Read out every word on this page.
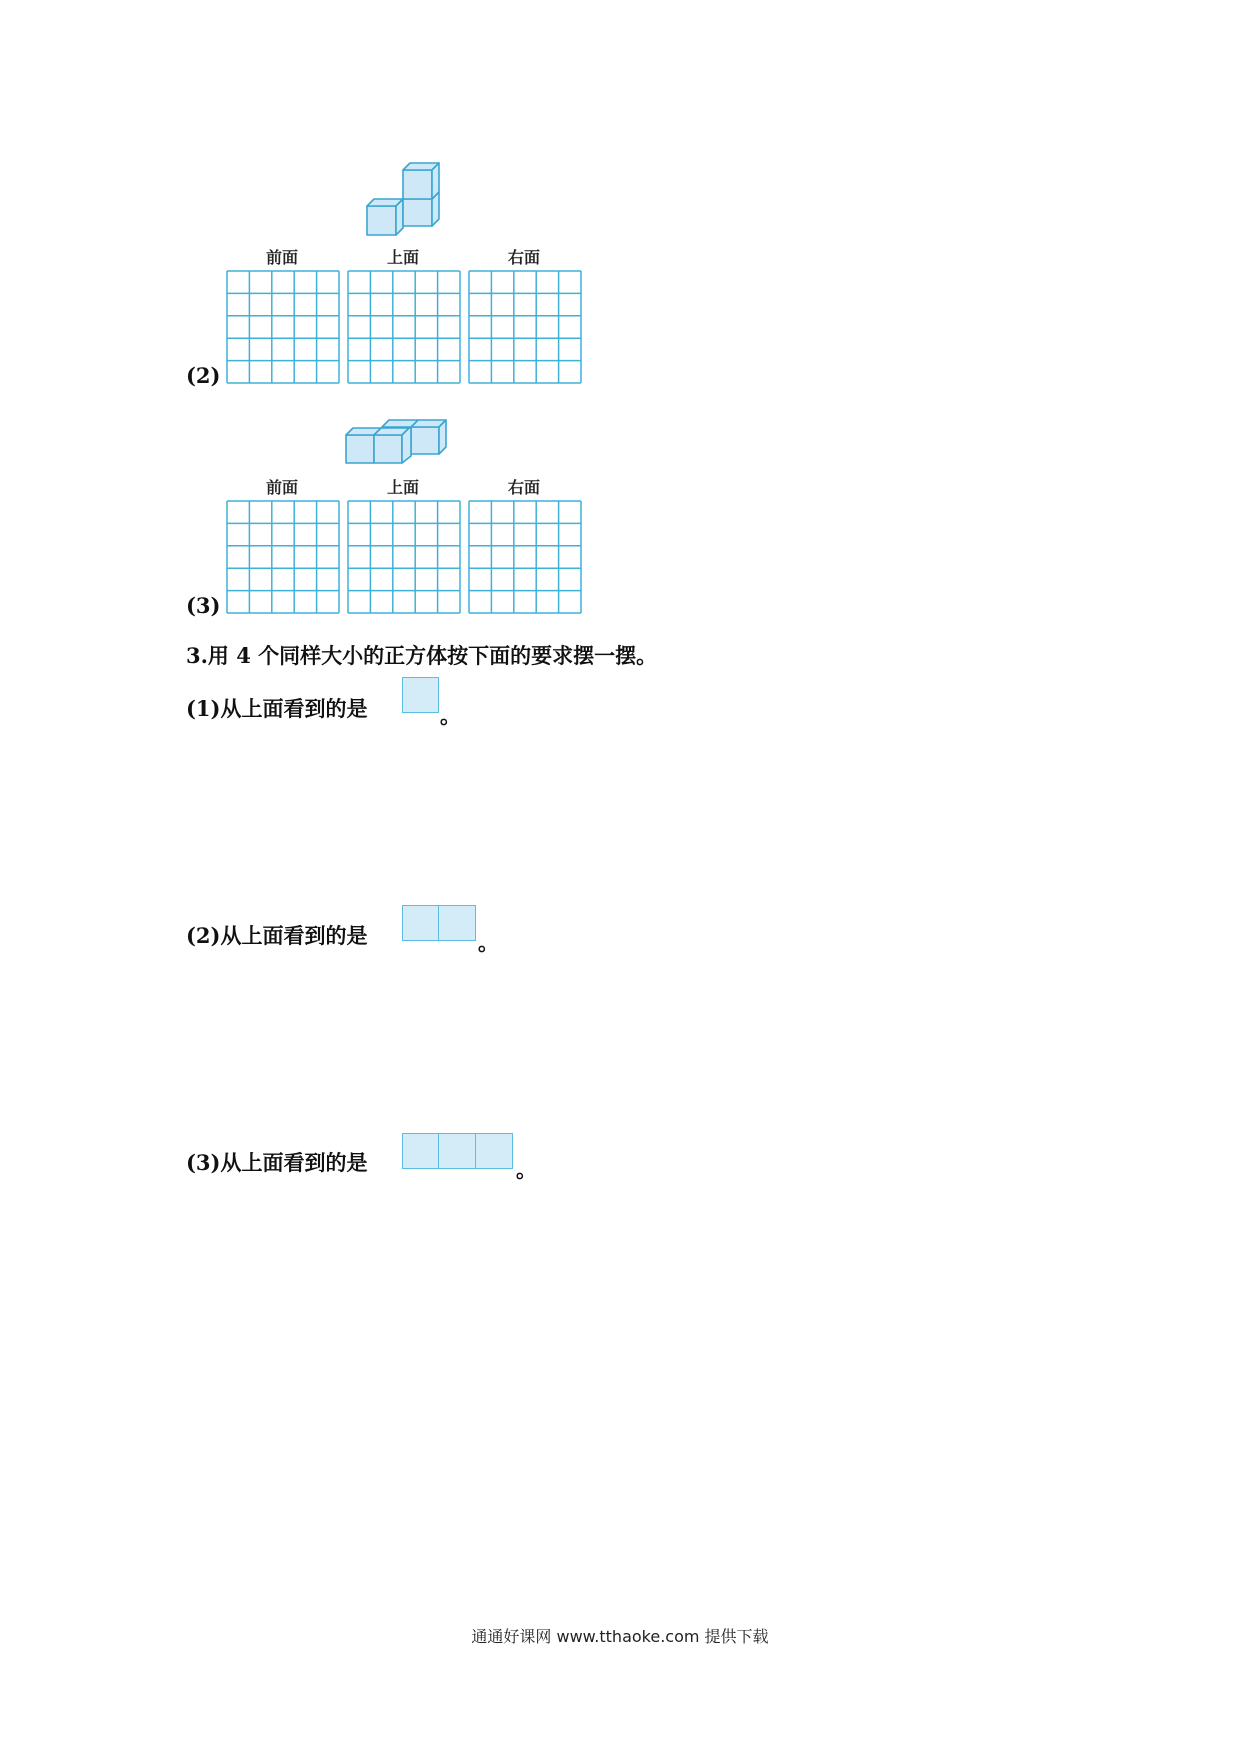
前面	上面	右面
(2)
前面	上面	右面
(3)
3.用 4 个同样大小的正方体按下面的要求摆一摆。
(1)从上面看到的是	。
(2)从上面看到的是	。
(3)从上面看到的是	。
通通好课网 www.tthaoke.com 提供下载
